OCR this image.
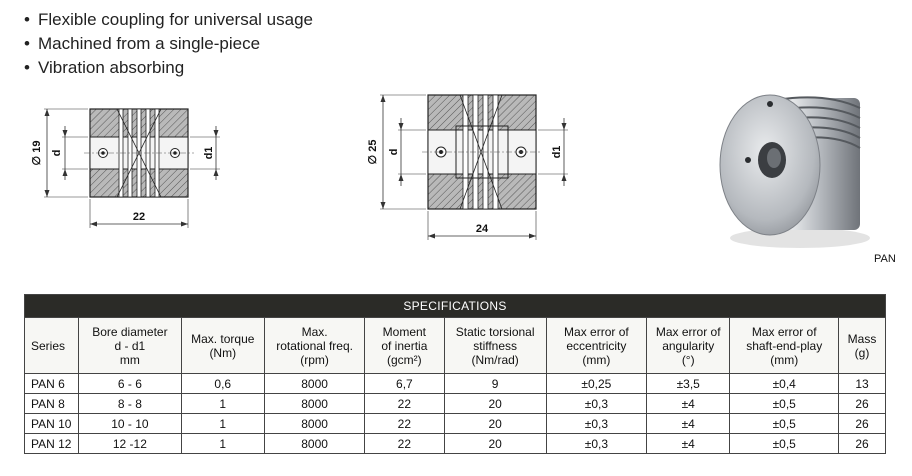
• Flexible coupling for universal usage
• Machined from a single-piece
• Vibration absorbing
∅ 19 d	d1
22
∅ 25 d	d1
24
PAN
SPECIFICATIONS									

Series	Bore diameter
d - d1
mm	Max. torque
(Nm)	Max.
rotational freq.
(rpm)	Moment
of inertia
(gcm²)	Static torsional
stiffness
(Nm/rad)	Max error of
eccentricity
(mm)	Max error of
angularity
(°)	Max error of
shaft-end-play
(mm)	Mass
(g)

PAN 6	6 - 6	0,6	8000	6,7	9	±0,25	±3,5	±0,4	13
PAN 8	8 - 8	1	8000	22	20	±0,3	±4	±0,5	26
PAN 10	10 - 10	1	8000	22	20	±0,3	±4	±0,5	26
PAN 12	12 -12	1	8000	22	20	±0,3	±4	±0,5	26
